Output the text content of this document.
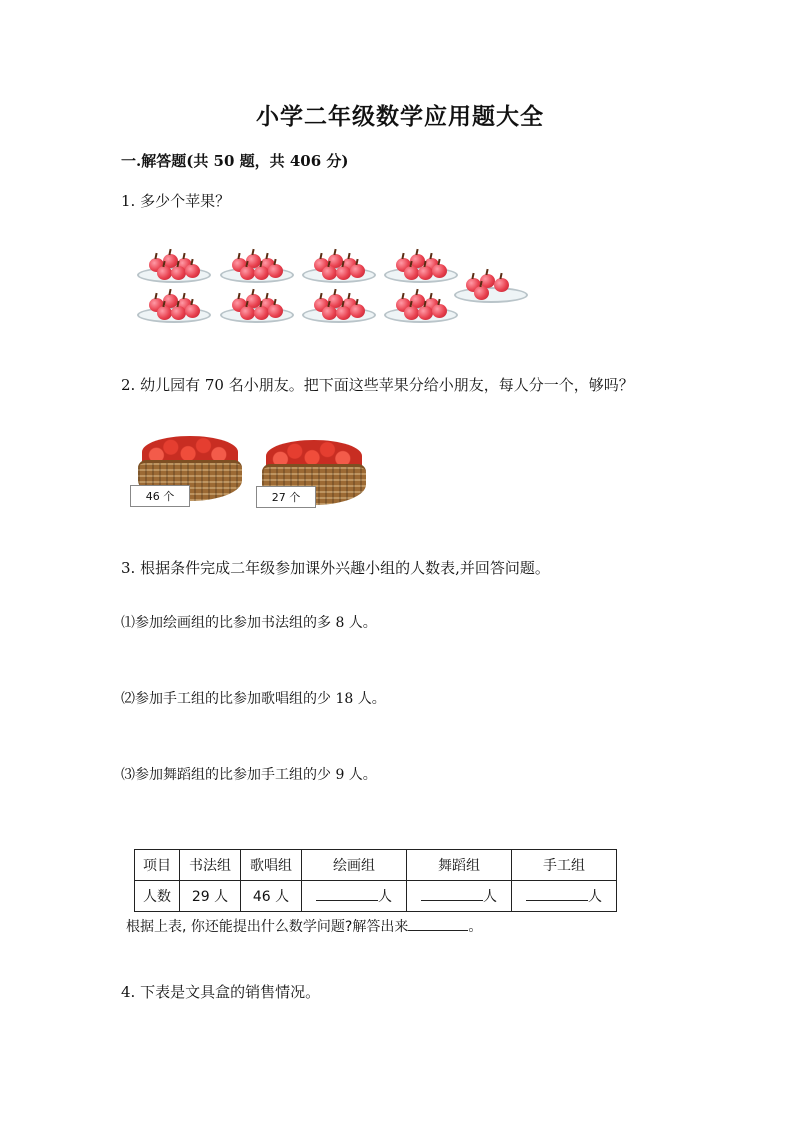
小学二年级数学应用题大全
一.解答题(共 50 题，共 406 分)
1. 多少个苹果？
2. 幼儿园有 70 名小朋友。把下面这些苹果分给小朋友，每人分一个，够吗？
46 个	27 个
3. 根据条件完成二年级参加课外兴趣小组的人数表,并回答问题。
⑴参加绘画组的比参加书法组的多 8 人。
⑵参加手工组的比参加歌唱组的少 18 人。
⑶参加舞蹈组的比参加手工组的少 9 人。
项目	书法组	歌唱组	绘画组	舞蹈组	手工组
人数	29 人	46 人	人	人	人
根据上表, 你还能提出什么数学问题?解答出来	。
4. 下表是文具盒的销售情况。
